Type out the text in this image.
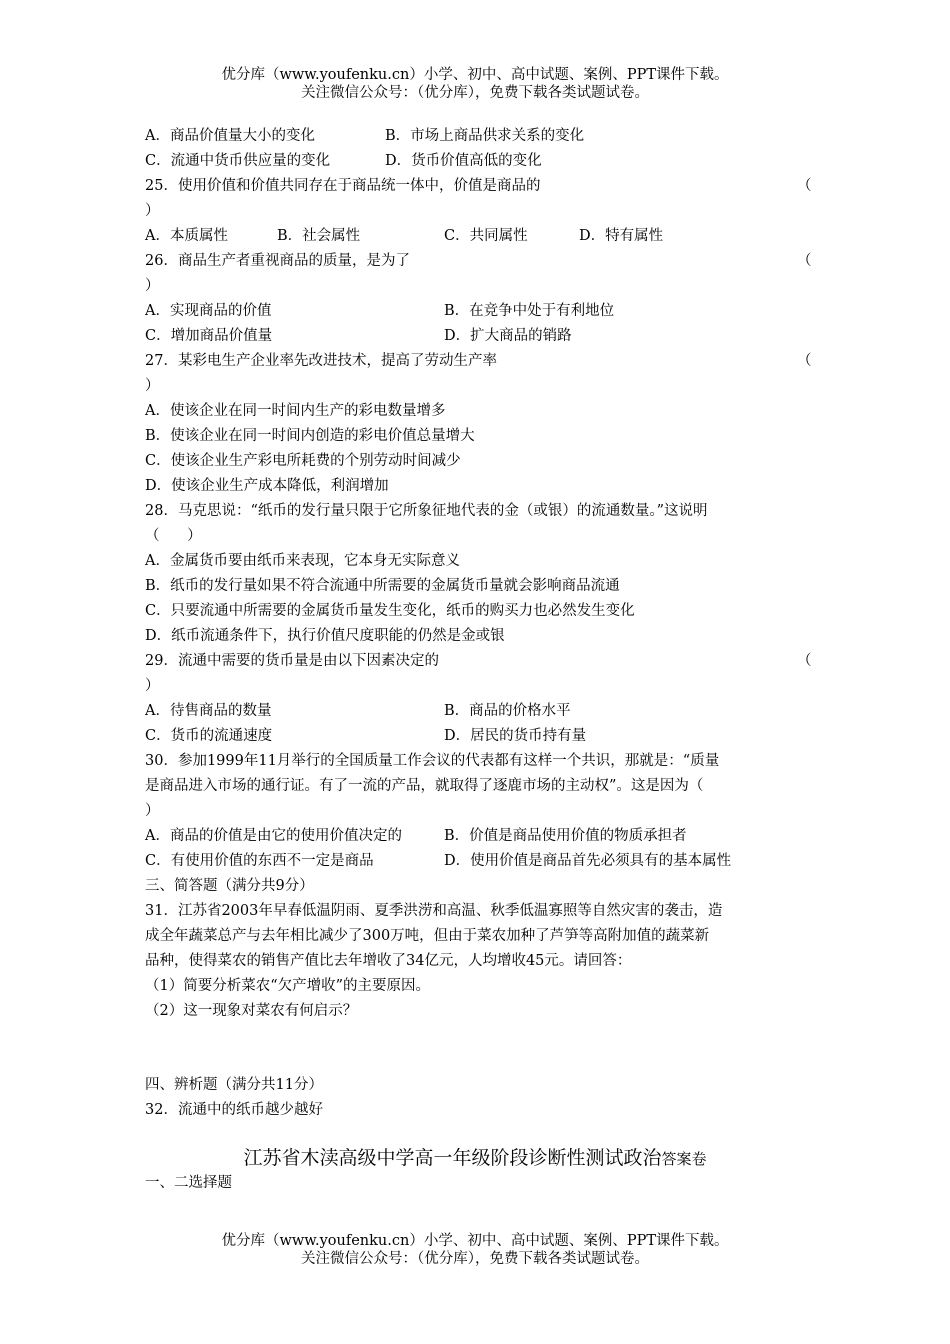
优分库（www.youfenku.cn）小学、初中、高中试题、案例、PPT课件下载。
关注微信公众号：（优分库），免费下载各类试题试卷。
A．商品价值量大小的变化	B．市场上商品供求关系的变化
C．流通中货币供应量的变化	D．货币价值高低的变化
25．使用价值和价值共同存在于商品统一体中，价值是商品的	（
）
A．本质属性	B．社会属性	C．共同属性	D．特有属性
26．商品生产者重视商品的质量，是为了	（
）
A．实现商品的价值	B．在竞争中处于有利地位
C．增加商品价值量	D．扩大商品的销路
27．某彩电生产企业率先改进技术，提高了劳动生产率	（
）
A．使该企业在同一时间内生产的彩电数量增多
B．使该企业在同一时间内创造的彩电价值总量增大
C．使该企业生产彩电所耗费的个别劳动时间减少
D．使该企业生产成本降低，利润增加
28．马克思说：“纸币的发行量只限于它所象征地代表的金（或银）的流通数量。”这说明
（      ）
A．金属货币要由纸币来表现，它本身无实际意义
B．纸币的发行量如果不符合流通中所需要的金属货币量就会影响商品流通
C．只要流通中所需要的金属货币量发生变化，纸币的购买力也必然发生变化
D．纸币流通条件下，执行价值尺度职能的仍然是金或银
29．流通中需要的货币量是由以下因素决定的	（
）
A．待售商品的数量	B．商品的价格水平
C．货币的流通速度	D．居民的货币持有量
30．参加1999年11月举行的全国质量工作会议的代表都有这样一个共识，那就是：“质量
是商品进入市场的通行证。有了一流的产品，就取得了逐鹿市场的主动权”。这是因为（
）
A．商品的价值是由它的使用价值决定的	B．价值是商品使用价值的物质承担者
C．有使用价值的东西不一定是商品	D．使用价值是商品首先必须具有的基本属性
三、简答题（满分共9分）
31．江苏省2003年早春低温阴雨、夏季洪涝和高温、秋季低温寡照等自然灾害的袭击，造
成全年蔬菜总产与去年相比减少了300万吨，但由于菜农加种了芦笋等高附加值的蔬菜新
品种，使得菜农的销售产值比去年增收了34亿元，人均增收45元。请回答：
（1）简要分析菜农“欠产增收”的主要原因。
（2）这一现象对菜农有何启示？
四、辨析题（满分共11分）
32．流通中的纸币越少越好
江苏省木渎高级中学高一年级阶段诊断性测试政治答案卷
一、二选择题
优分库（www.youfenku.cn）小学、初中、高中试题、案例、PPT课件下载。
关注微信公众号：（优分库），免费下载各类试题试卷。
